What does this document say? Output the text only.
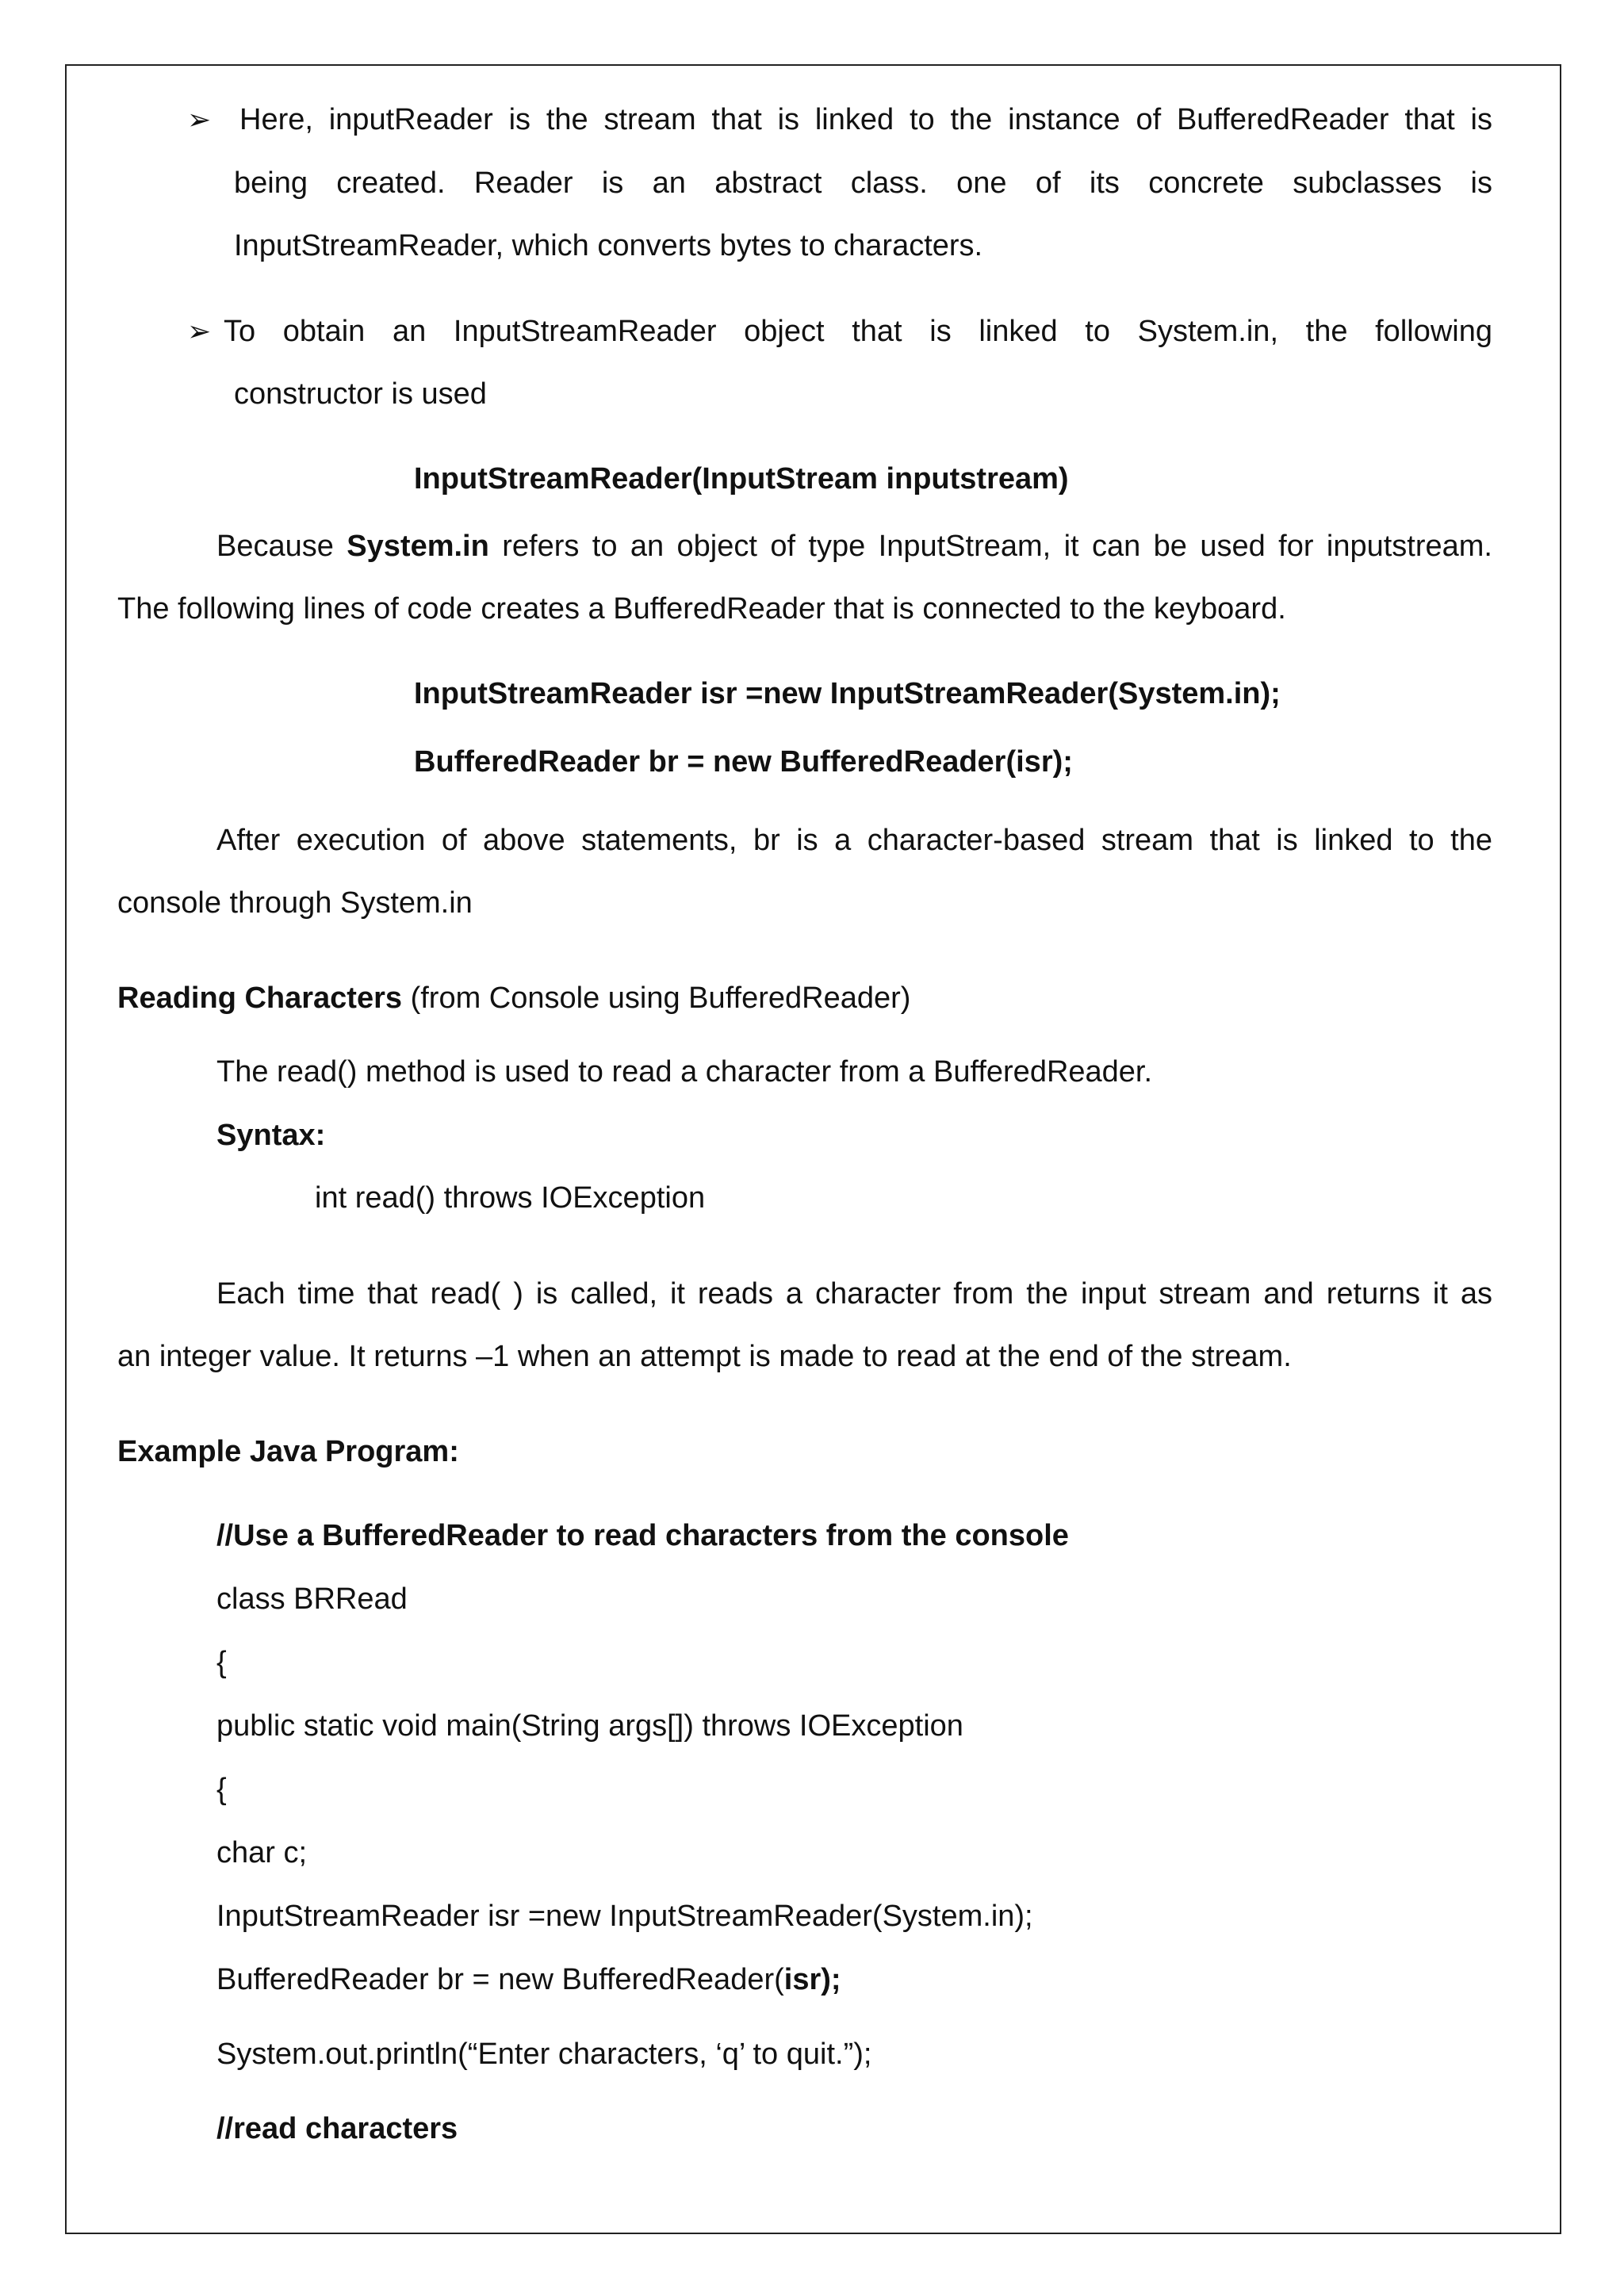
➢ Here, inputReader is the stream that is linked to the instance of BufferedReader that is
being created. Reader is an abstract class. one of its concrete subclasses is
InputStreamReader, which converts bytes to characters.
➢ To obtain an InputStreamReader object that is linked to System.in, the following
constructor is used
InputStreamReader(InputStream inputstream)
Because System.in refers to an object of type InputStream, it can be used for inputstream.
The following lines of code creates a BufferedReader that is connected to the keyboard.
InputStreamReader isr =new InputStreamReader(System.in);
BufferedReader br = new BufferedReader(isr);
After execution of above statements, br is a character-based stream that is linked to the
console through System.in
Reading Characters (from Console using BufferedReader)
The read() method is used to read a character from a BufferedReader.
Syntax:
int read() throws IOException
Each time that read( ) is called, it reads a character from the input stream and returns it as
an integer value. It returns –1 when an attempt is made to read at the end of the stream.
Example Java Program:
//Use a BufferedReader to read characters from the console
class BRRead
{
public static void main(String args[]) throws IOException
{
char c;
InputStreamReader isr =new InputStreamReader(System.in);
BufferedReader br = new BufferedReader(isr);
System.out.println(“Enter characters, ‘q’ to quit.”);
//read characters
